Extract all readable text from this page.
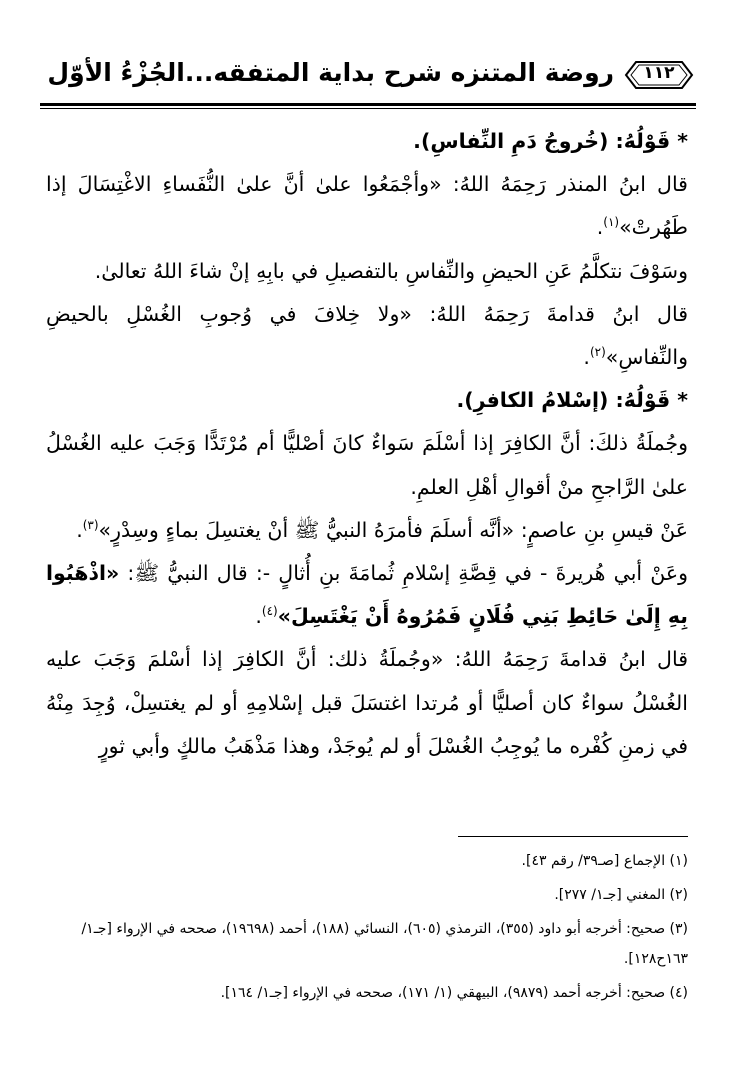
١١٢
روضة المتنزه شرح بداية المتفقه...الجُزْءُ الأوّل

* قَوْلُهُ: (خُروجُ دَمِ النِّفاسِ).

قال ابنُ المنذر رَحِمَهُ اللهُ: «وأجْمَعُوا علىٰ أنَّ علىٰ النُّفَساءِ الاغْتِسَالَ إذا طَهُرتْ»$^{(١)}$.

وسَوْفَ نتكلَّمُ عَنِ الحيضِ والنِّفاسِ بالتفصيلِ في بابِهِ إنْ شاءَ اللهُ تعالىٰ.

قال ابنُ قدامةَ رَحِمَهُ اللهُ: «ولا خِلافَ في وُجوبِ الغُسْلِ بالحيضِ والنِّفاسِ»$^{(٢)}$.

* قَوْلُهُ: (إسْلامُ الكافرِ).

وجُملَةُ ذلكَ: أنَّ الكافِرَ إذا أسْلَمَ سَواءٌ كانَ أصْليًّا أم مُرْتَدًّا وَجَبَ عليه الغُسْلُ علىٰ الرَّاجحِ منْ أقوالِ أهْلِ العلمِ.

عَنْ قيسِ بنِ عاصمٍ: «أنَّه أسلَمَ فأمرَهُ النبيُّ ﷺ أنْ يغتسِلَ بماءٍ وسِدْرٍ»$^{(٣)}$.

وعَنْ أبي هُريرةَ - في قِصَّةِ إسْلامِ ثُمامَةَ بنِ أُثالٍ -: قال النبيُّ ﷺ: «اذْهَبُوا بِهِ إِلَىٰ حَائِطِ بَنِي فُلَانٍ فَمُرُوهُ أَنْ يَغْتَسِلَ»$^{(٤)}$.

قال ابنُ قدامةَ رَحِمَهُ اللهُ: «وجُملَةُ ذلك: أنَّ الكافِرَ إذا أسْلمَ وَجَبَ عليه الغُسْلُ سواءٌ كان أصليًّا أو مُرتدا اغتسَلَ قبل إسْلامِهِ أو لم يغتسِلْ، وُجِدَ مِنْهُ في زمنِ كُفْره ما يُوجِبُ الغُسْلَ أو لم يُوجَدْ، وهذا مَذْهَبُ مالكٍ وأبي ثورٍ

(١) الإجماع [صـ٣٩/ رقم ٤٣].

(٢) المغني [جـ١/ ٢٧٧].

(٣) صحيح: أخرجه أبو داود (٣٥٥)، الترمذي (٦٠٥)، النسائي (١٨٨)، أحمد (١٩٦٩٨)، صححه في الإرواء [جـ١/ ١٦٣ح١٢٨].

(٤) صحيح: أخرجه أحمد (٩٨٧٩)، البيهقي (١/ ١٧١)، صححه في الإرواء [جـ١/ ١٦٤].
